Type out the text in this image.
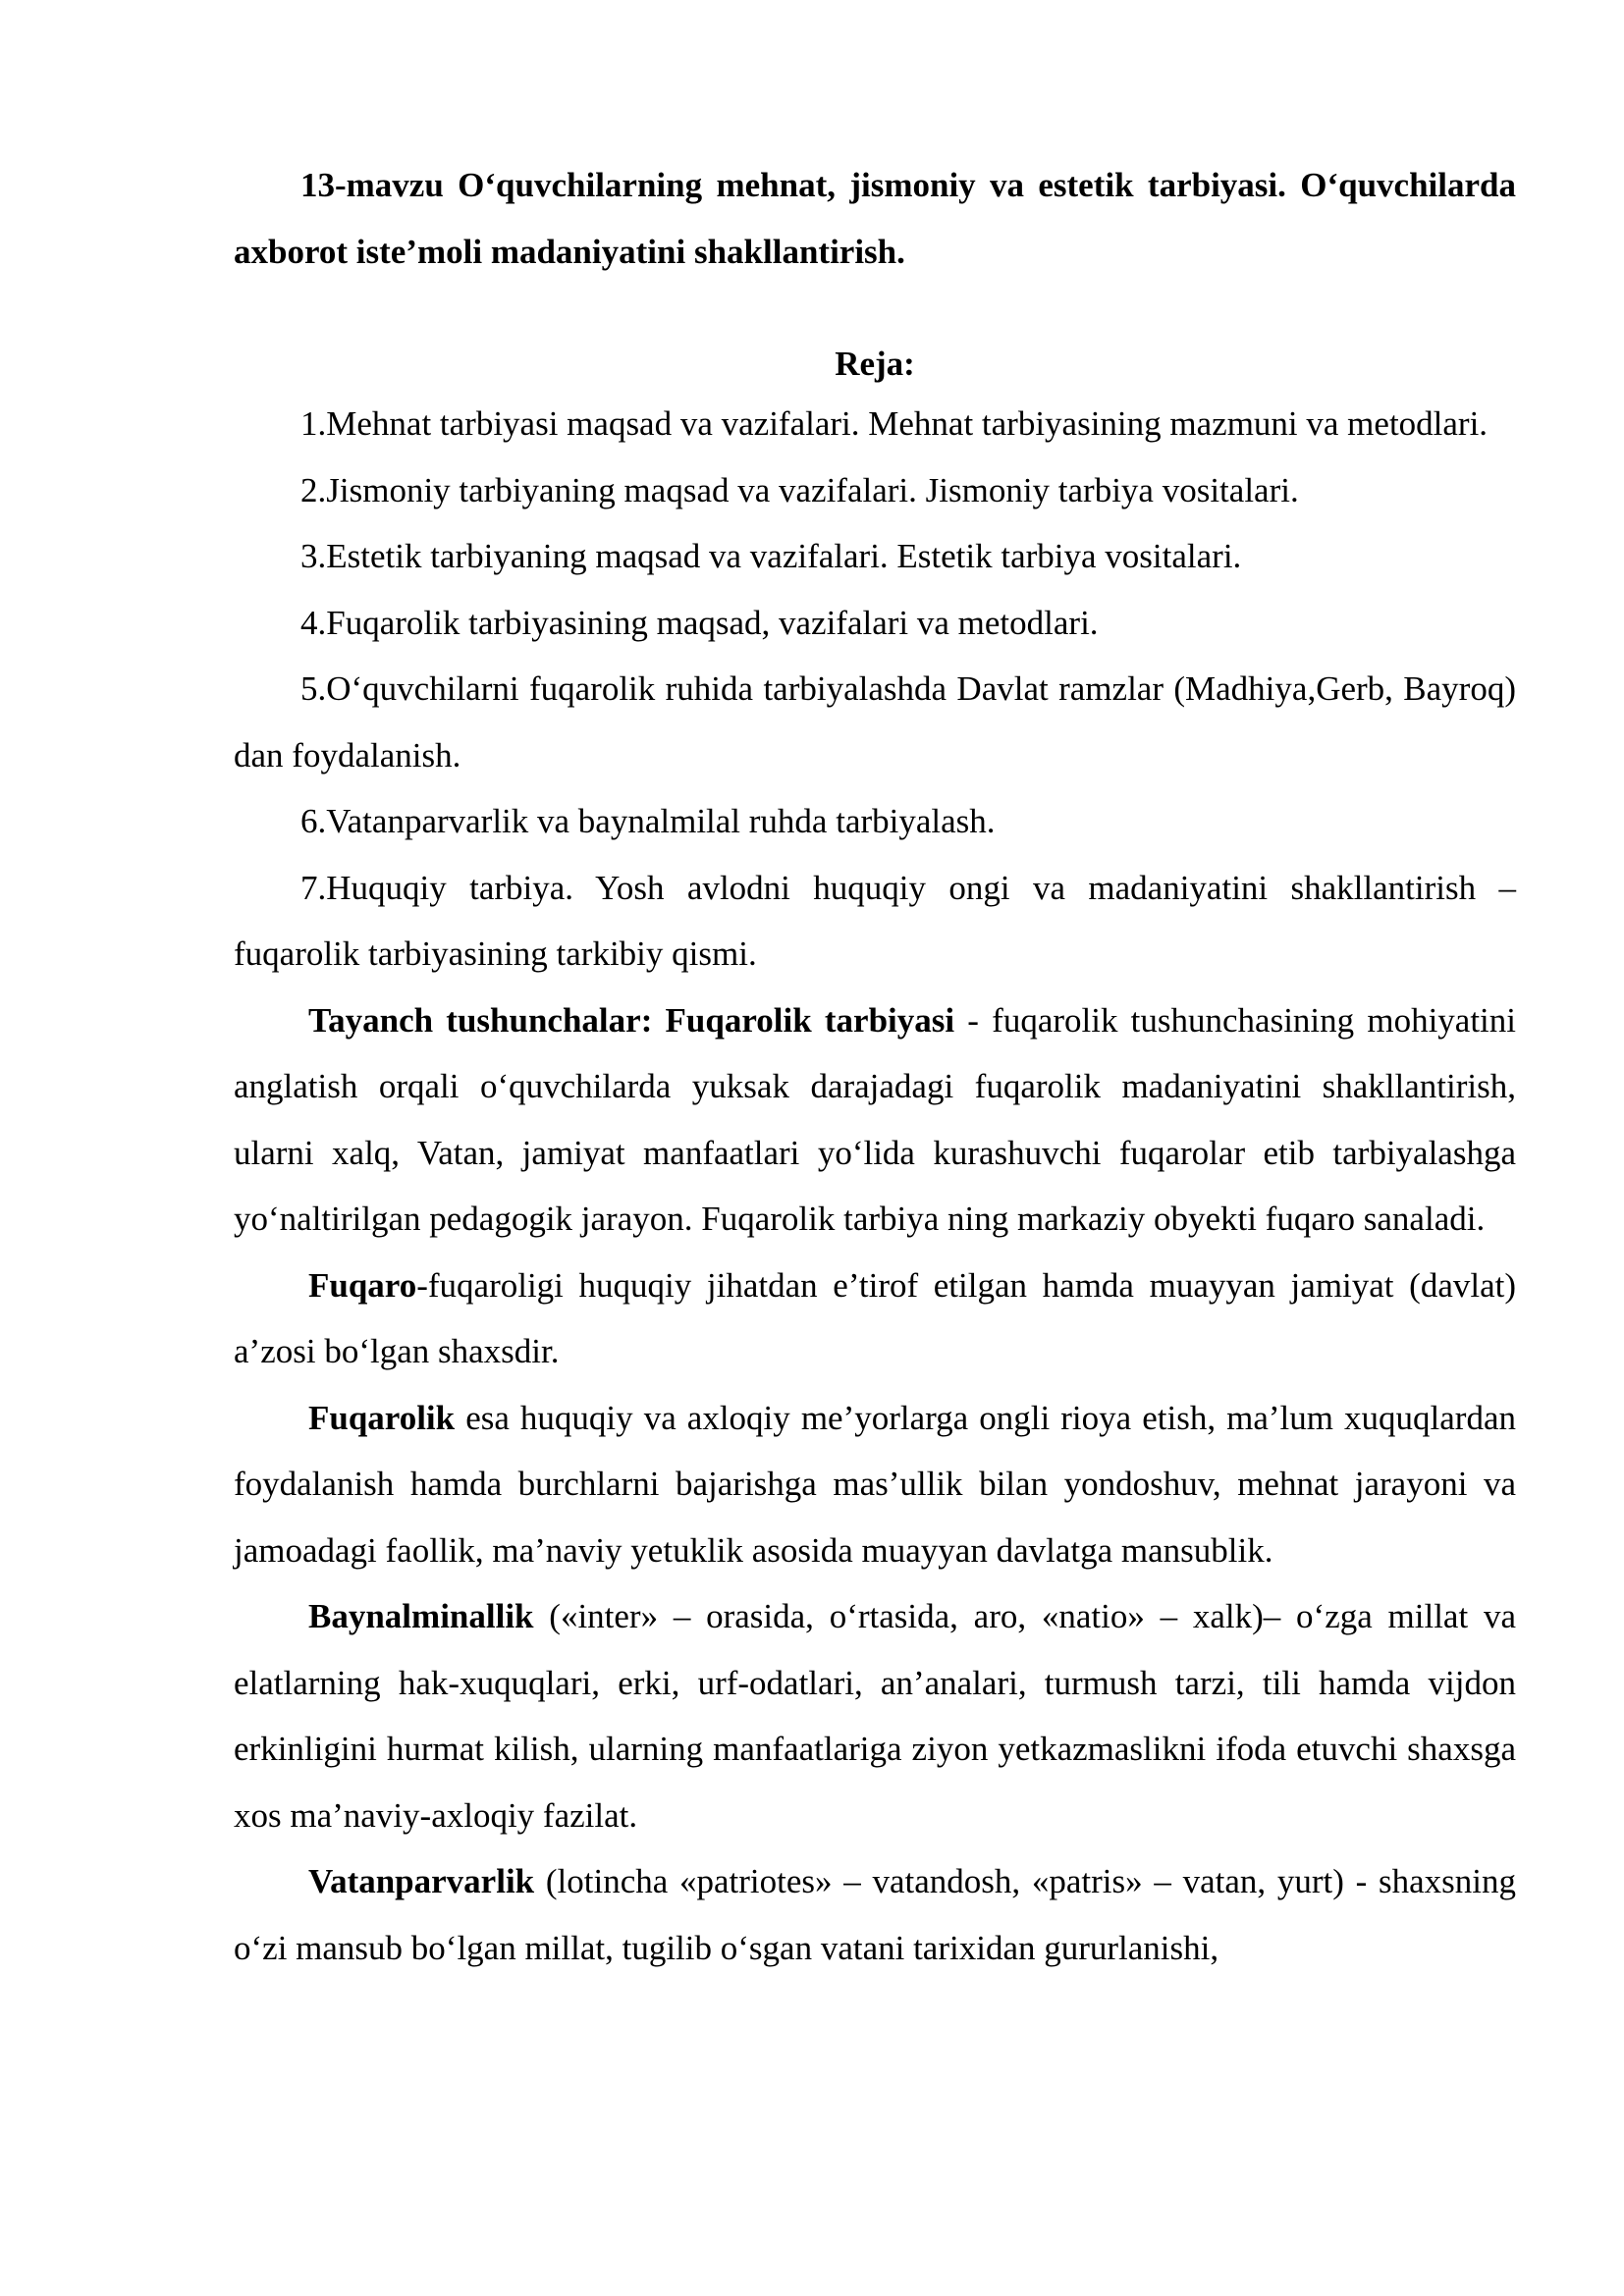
13-mavzu O‘quvchilarning mehnat, jismoniy va estetik tarbiyasi. O‘quvchilarda axborot iste’moli madaniyatini shakllantirish.

Reja:

1.Mehnat tarbiyasi maqsad va vazifalari. Mehnat tarbiyasining mazmuni va metodlari.

2.Jismoniy tarbiyaning maqsad va vazifalari. Jismoniy tarbiya vositalari.

3.Estetik tarbiyaning maqsad va vazifalari. Estetik tarbiya vositalari.

4.Fuqarolik tarbiyasining maqsad, vazifalari va metodlari.

5.O‘quvchilarni fuqarolik ruhida tarbiyalashda Davlat ramzlar (Madhiya,Gerb, Bayroq) dan foydalanish.

6.Vatanparvarlik va baynalmilal ruhda tarbiyalash.

7.Huquqiy tarbiya. Yosh avlodni huquqiy ongi va madaniyatini shakllantirish – fuqarolik tarbiyasining tarkibiy qismi.

Tayanch tushunchalar: Fuqarolik tarbiyasi - fuqarolik tushunchasining mohiyatini anglatish orqali o‘quvchilarda yuksak darajadagi fuqarolik madaniyatini shakllantirish, ularni xalq, Vatan, jamiyat manfaatlari yo‘lida kurashuvchi fuqarolar etib tarbiyalashga yo‘naltirilgan pedagogik jarayon. Fuqarolik tarbiya ning markaziy obyekti fuqaro sanaladi.

Fuqaro-fuqaroligi huquqiy jihatdan e’tirof etilgan hamda muayyan jamiyat (davlat) a’zosi bo‘lgan shaxsdir.

Fuqarolik esa huquqiy va axloqiy me’yorlarga ongli rioya etish, ma’lum xuquqlardan foydalanish hamda burchlarni bajarishga mas’ullik bilan yondoshuv, mehnat jarayoni va jamoadagi faollik, ma’naviy yetuklik asosida muayyan davlatga mansublik.

Baynalminallik («inter» – orasida, o‘rtasida, aro, «natio» – xalk)– o‘zga millat va elatlarning hak-xuquqlari, erki, urf-odatlari, an’analari, turmush tarzi, tili hamda vijdon erkinligini hurmat kilish, ularning manfaatlariga ziyon yetkazmaslikni ifoda etuvchi shaxsga xos ma’naviy-axloqiy fazilat.

Vatanparvarlik (lotincha «patriotes» – vatandosh, «patris» – vatan, yurt) - shaxsning o‘zi mansub bo‘lgan millat, tugilib o‘sgan vatani tarixidan gururlanishi,
